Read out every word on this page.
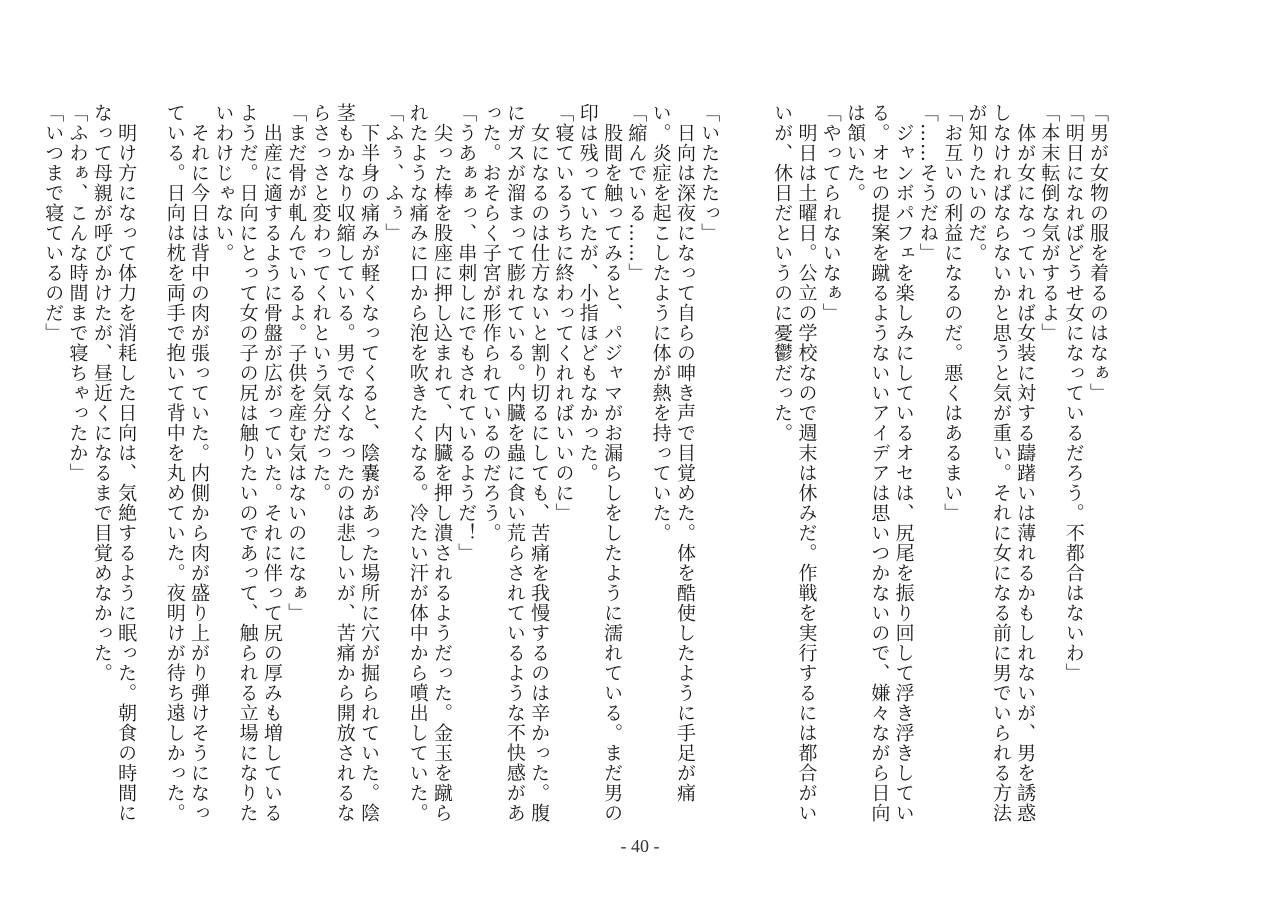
「男が女物の服を着るのはなぁ」

「明日になればどうせ女になっているだろう。不都合はないわ」

「本末転倒な気がするよ」

　体が女になっていれば女装に対する躊躇いは薄れるかもしれないが、男を誘惑しなければならないかと思うと気が重い。それに女になる前に男でいられる方法が知りたいのだ。

「お互いの利益になるのだ。悪くはあるまい」

「……そうだね」

　ジャンボパフェを楽しみにしているオセは、尻尾を振り回して浮き浮きしている。オセの提案を蹴るようないいアイデアは思いつかないので、嫌々ながら日向は頷いた。

「やってられないなぁ」

　明日は土曜日。公立の学校なので週末は休みだ。作戦を実行するには都合がいいが、休日だというのに憂鬱だった。

「いたたたっ」

　日向は深夜になって自らの呻き声で目覚めた。体を酷使したように手足が痛い。炎症を起こしたように体が熱を持っていた。

「縮んでいる……」

　股間を触ってみると、パジャマがお漏らしをしたように濡れている。まだ男の印は残っていたが、小指ほどもなかった。

「寝ているうちに終わってくれればいいのに」

　女になるのは仕方ないと割り切るにしても、苦痛を我慢するのは辛かった。腹にガスが溜まって膨れている。内臓を蟲に食い荒らされているような不快感があった。おそらく子宮が形作られているのだろう。

「うあぁぁっ、串刺しにでもされているようだ！」

　尖った棒を股座に押し込まれて、内臓を押し潰されるようだった。金玉を蹴られたような痛みに口から泡を吹きたくなる。冷たい汗が体中から噴出していた。

「ふぅ、ふぅ」

　下半身の痛みが軽くなってくると、陰嚢があった場所に穴が掘られていた。陰茎もかなり収縮している。男でなくなったのは悲しいが、苦痛から開放されるならさっさと変わってくれという気分だった。

「まだ骨が軋んでいるよ。子供を産む気はないのになぁ」

　出産に適するように骨盤が広がっていた。それに伴って尻の厚みも増しているようだ。日向にとって女の子の尻は触りたいのであって、触られる立場になりたいわけじゃない。

　それに今日は背中の肉が張っていた。内側から肉が盛り上がり弾けそうになっている。日向は枕を両手で抱いて背中を丸めていた。夜明けが待ち遠しかった。

　明け方になって体力を消耗した日向は、気絶するように眠った。朝食の時間になって母親が呼びかけたが、昼近くになるまで目覚めなかった。

「ふわぁ、こんな時間まで寝ちゃったか」

「いつまで寝ているのだ」

- 40 -
